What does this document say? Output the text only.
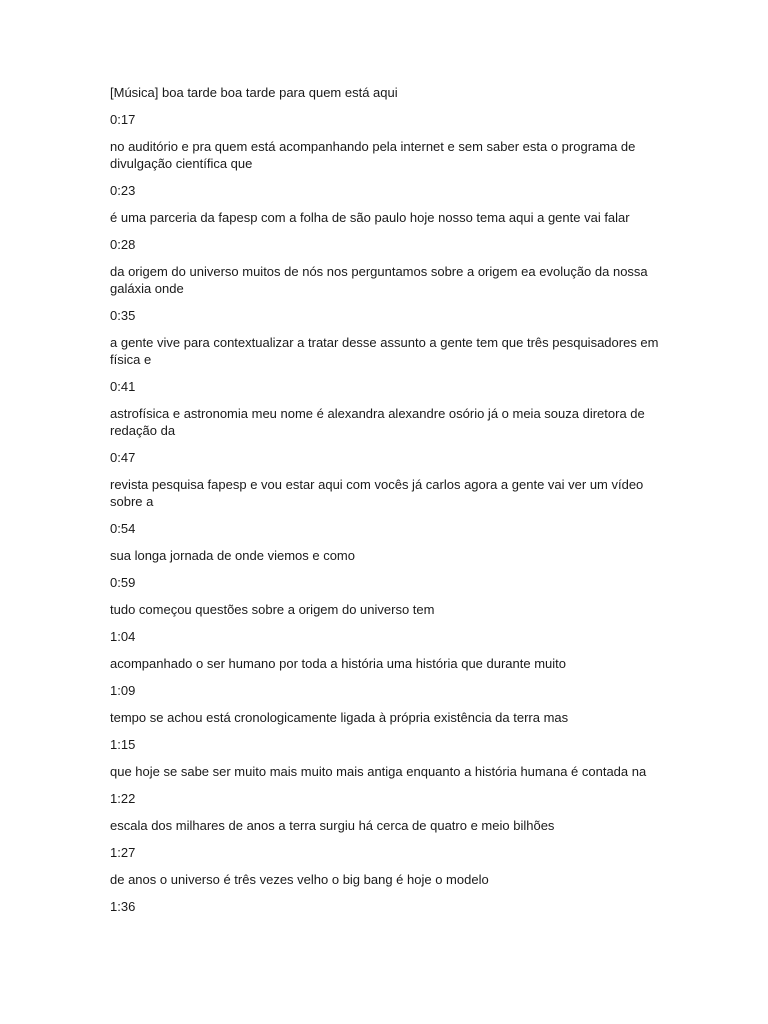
[Música] boa tarde boa tarde para quem está aqui

0:17

no auditório e pra quem está acompanhando pela internet e sem saber esta o programa de divulgação científica que

0:23

é uma parceria da fapesp com a folha de são paulo hoje nosso tema aqui a gente vai falar

0:28

da origem do universo muitos de nós nos perguntamos sobre a origem ea evolução da nossa galáxia onde

0:35

a gente vive para contextualizar a tratar desse assunto a gente tem que três pesquisadores em física e

0:41

astrofísica e astronomia meu nome é alexandra alexandre osório já o meia souza diretora de redação da

0:47

revista pesquisa fapesp e vou estar aqui com vocês já carlos agora a gente vai ver um vídeo sobre a

0:54

sua longa jornada de onde viemos e como

0:59

tudo começou questões sobre a origem do universo tem

1:04

acompanhado o ser humano por toda a história uma história que durante muito

1:09

tempo se achou está cronologicamente ligada à própria existência da terra mas

1:15

que hoje se sabe ser muito mais muito mais antiga enquanto a história humana é contada na

1:22

escala dos milhares de anos a terra surgiu há cerca de quatro e meio bilhões

1:27

de anos o universo é três vezes velho o big bang é hoje o modelo

1:36
